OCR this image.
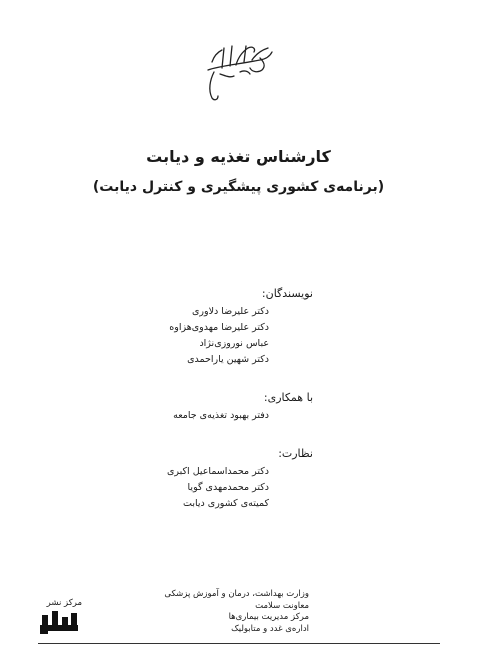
کارشناس تغذیه و دیابت
(برنامه‌ی کشوری پیشگیری و کنترل دیابت)

نویسندگان:

دکتر علیرضا دلاوری
دکتر علیرضا مهدوی‌هزاوه
عباس نوروزی‌نژاد
دکتر شهین یاراحمدی

با همکاری:

دفتر بهبود تغذیه‌ی جامعه

نظارت:

دکتر محمداسماعیل اکبری
دکتر محمدمهدی گویا
کمیته‌ی کشوری دیابت
وزارت بهداشت، درمان و آموزش پزشکی
معاونت سلامت
مرکز مدیریت بیماری‌ها
اداره‌ی غدد و متابولیک
مرکز نشر
